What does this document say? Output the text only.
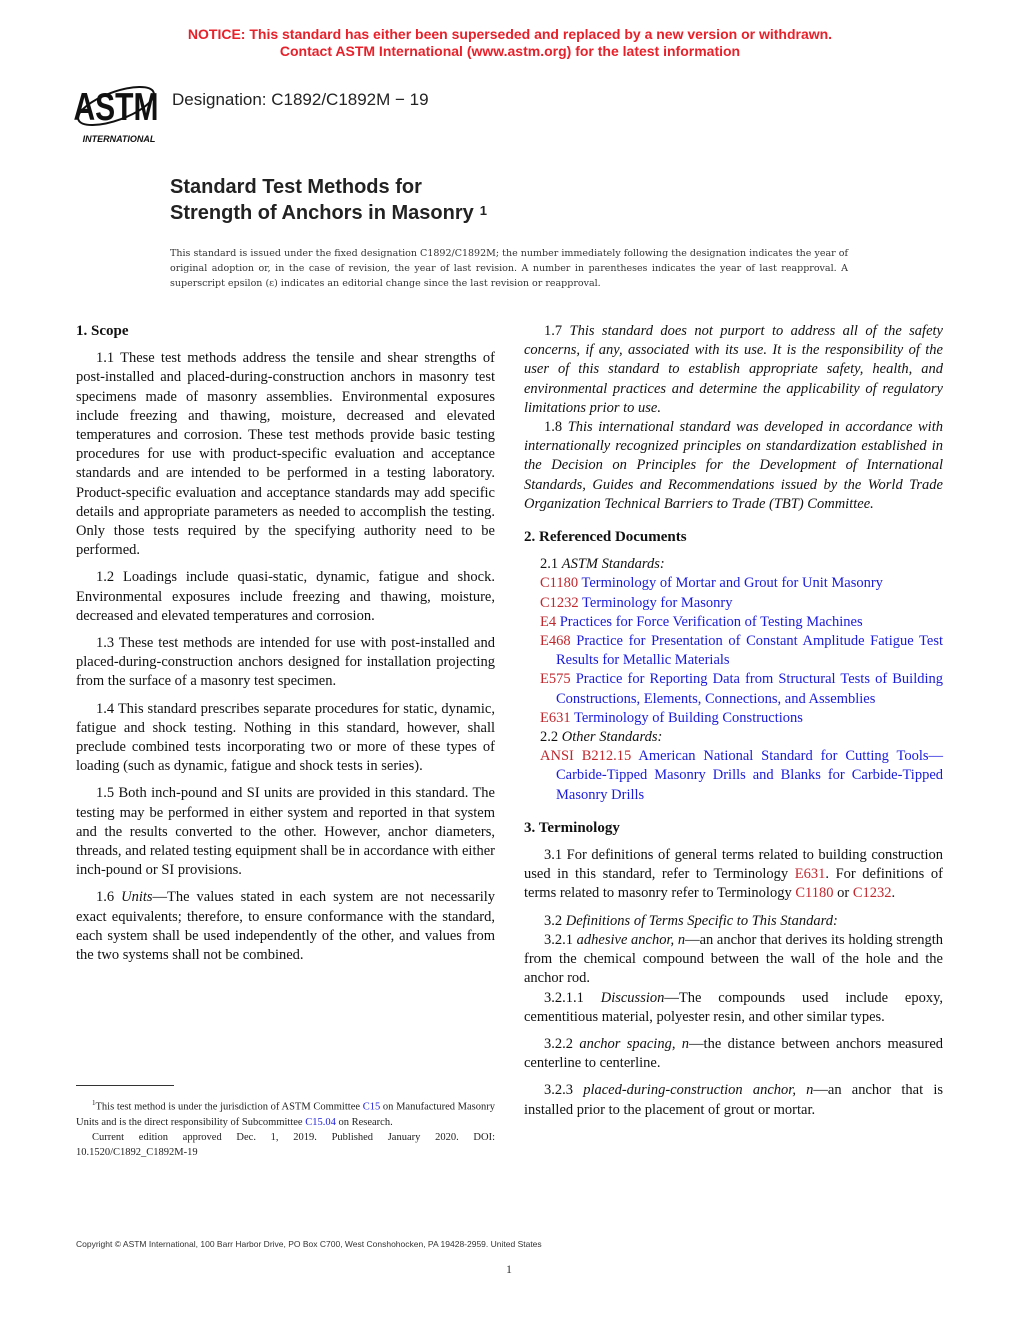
NOTICE: This standard has either been superseded and replaced by a new version or withdrawn.
Contact ASTM International (www.astm.org) for the latest information
ASTM
INTERNATIONAL
Designation: C1892/C1892M − 19
Standard Test Methods for
Strength of Anchors in Masonry $^1$
This standard is issued under the fixed designation C1892/C1892M; the number immediately following the designation indicates the year of original adoption or, in the case of revision, the year of last revision. A number in parentheses indicates the year of last reapproval. A superscript epsilon (ε) indicates an editorial change since the last revision or reapproval.
1. Scope

1.1 These test methods address the tensile and shear strengths of post-installed and placed-during-construction anchors in masonry test specimens made of masonry assemblies. Environmental exposures include freezing and thawing, moisture, decreased and elevated temperatures and corrosion. These test methods provide basic testing procedures for use with product-specific evaluation and acceptance standards and are intended to be performed in a testing laboratory. Product-specific evaluation and acceptance standards may add specific details and appropriate parameters as needed to accomplish the testing. Only those tests required by the specifying authority need to be performed.

1.2 Loadings include quasi-static, dynamic, fatigue and shock. Environmental exposures include freezing and thawing, moisture, decreased and elevated temperatures and corrosion.

1.3 These test methods are intended for use with post-installed and placed-during-construction anchors designed for installation projecting from the surface of a masonry test specimen.

1.4 This standard prescribes separate procedures for static, dynamic, fatigue and shock testing. Nothing in this standard, however, shall preclude combined tests incorporating two or more of these types of loading (such as dynamic, fatigue and shock tests in series).

1.5 Both inch-pound and SI units are provided in this standard. The testing may be performed in either system and reported in that system and the results converted to the other. However, anchor diameters, threads, and related testing equipment shall be in accordance with either inch-pound or SI provisions.

1.6 Units—The values stated in each system are not necessarily exact equivalents; therefore, to ensure conformance with the standard, each system shall be used independently of the other, and values from the two systems shall not be combined.

1.7 This standard does not purport to address all of the safety concerns, if any, associated with its use. It is the responsibility of the user of this standard to establish appropriate safety, health, and environmental practices and determine the applicability of regulatory limitations prior to use.

1.8 This international standard was developed in accordance with internationally recognized principles on standardization established in the Decision on Principles for the Development of International Standards, Guides and Recommendations issued by the World Trade Organization Technical Barriers to Trade (TBT) Committee.

2. Referenced Documents

2.1 ASTM Standards:

C1180 Terminology of Mortar and Grout for Unit Masonry
C1232 Terminology for Masonry
E4 Practices for Force Verification of Testing Machines
E468 Practice for Presentation of Constant Amplitude Fatigue Test Results for Metallic Materials
E575 Practice for Reporting Data from Structural Tests of Building Constructions, Elements, Connections, and Assemblies
E631 Terminology of Building Constructions

2.2 Other Standards:

ANSI B212.15 American National Standard for Cutting Tools—Carbide-Tipped Masonry Drills and Blanks for Carbide-Tipped Masonry Drills
3. Terminology

3.1 For definitions of general terms related to building construction used in this standard, refer to Terminology E631. For definitions of terms related to masonry refer to Terminology C1180 or C1232.

3.2 Definitions of Terms Specific to This Standard:

3.2.1 adhesive anchor, n—an anchor that derives its holding strength from the chemical compound between the wall of the hole and the anchor rod.

3.2.1.1 Discussion—The compounds used include epoxy, cementitious material, polyester resin, and other similar types.

3.2.2 anchor spacing, n—the distance between anchors measured centerline to centerline.

3.2.3 placed-during-construction anchor, n—an anchor that is installed prior to the placement of grout or mortar.

$^1$This test method is under the jurisdiction of ASTM Committee C15 on Manufactured Masonry Units and is the direct responsibility of Subcommittee C15.04 on Research.

Current edition approved Dec. 1, 2019. Published January 2020. DOI: 10.1520/C1892_C1892M-19

Copyright © ASTM International, 100 Barr Harbor Drive, PO Box C700, West Conshohocken, PA 19428-2959. United States
1
